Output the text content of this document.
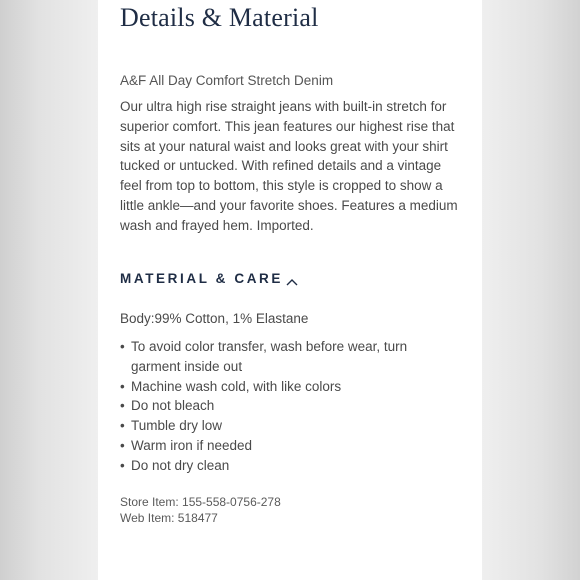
Details & Material
A&F All Day Comfort Stretch Denim

Our ultra high rise straight jeans with built-in stretch for superior comfort. This jean features our highest rise that sits at your natural waist and looks great with your shirt tucked or untucked. With refined details and a vintage feel from top to bottom, this style is cropped to show a little ankle—and your favorite shoes. Features a medium wash and frayed hem. Imported.

MATERIAL & CARE
Body:99% Cotton, 1% Elastane
• To avoid color transfer, wash before wear, turn garment inside out
• Machine wash cold, with like colors
• Do not bleach
• Tumble dry low
• Warm iron if needed
• Do not dry clean
Store Item: 155-558-0756-278
Web Item: 518477
